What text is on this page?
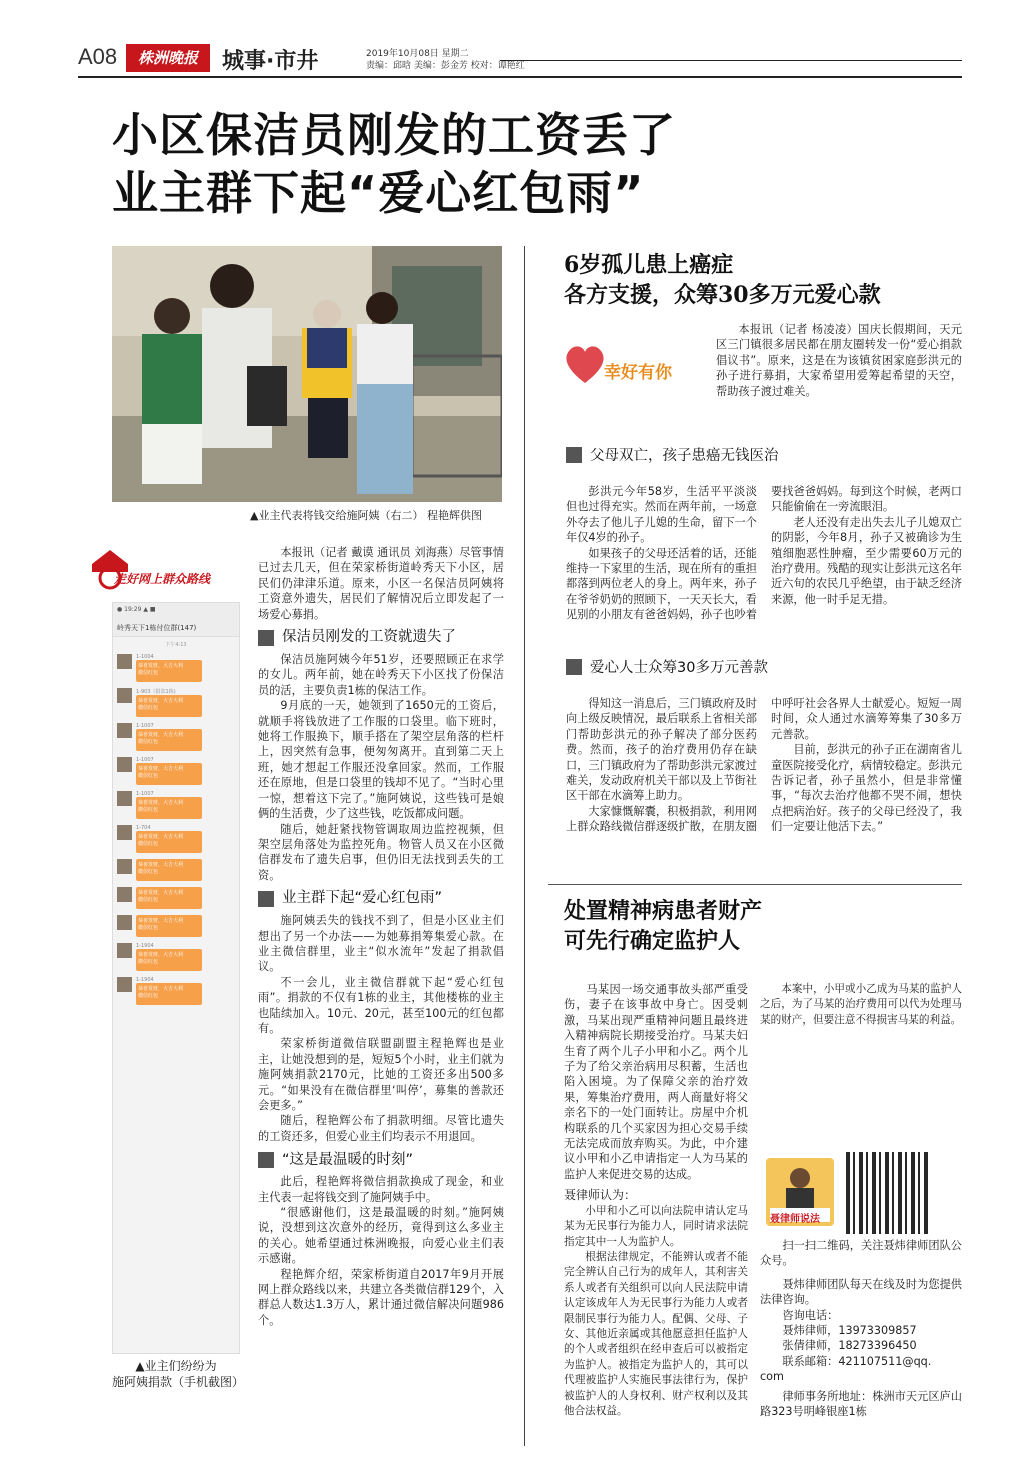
A08	株洲晚报	城事·市井	2019年10月08日 星期二
责编：邱晗 美编：彭金芳 校对：谭艳红
小区保洁员刚发的工资丢了
业主群下起“爱心红包雨”
▲业主代表将钱交给施阿姨（右二） 程艳辉供图
走好网上群众路线
● 19:29 ▲ ■
岭秀天下1栋付位群(147)
下午4:13
1-1004
恭喜发财，大吉大利
微信红包
1-903（捐款1栋)
恭喜发财，大吉大利
微信红包
1-1007
恭喜发财，大吉大利
微信红包
1-1007
恭喜发财，大吉大利
微信红包
1-1007
恭喜发财，大吉大利
微信红包
1-704
恭喜发财，大吉大利
微信红包
恭喜发财，大吉大利
微信红包
恭喜发财，大吉大利
微信红包
恭喜发财，大吉大利
微信红包
1-1904
恭喜发财，大吉大利
微信红包
1-1904
恭喜发财，大吉大利
微信红包
▲业主们纷纷为
施阿姨捐款（手机截图）

本报讯（记者 戴谟 通讯员 刘海燕）尽管事情已过去几天，但在荣家桥街道岭秀天下小区，居民们仍津津乐道。原来，小区一名保洁员阿姨将工资意外遗失，居民们了解情况后立即发起了一场爱心募捐。

保洁员刚发的工资就遗失了

保洁员施阿姨今年51岁，还要照顾正在求学的女儿。两年前，她在岭秀天下小区找了份保洁员的活，主要负责1栋的保洁工作。

9月底的一天，她领到了1650元的工资后，就顺手将钱放进了工作服的口袋里。临下班时，她将工作服换下，顺手搭在了架空层角落的栏杆上，因突然有急事，便匆匆离开。直到第二天上班，她才想起工作服还没拿回家。然而，工作服还在原地，但是口袋里的钱却不见了。“当时心里一惊，想着这下完了。”施阿姨说，这些钱可是娘俩的生活费，少了这些钱，吃饭都成问题。

随后，她赶紧找物管调取周边监控视频，但架空层角落处为监控死角。物管人员又在小区微信群发布了遗失启事，但仍旧无法找到丢失的工资。

业主群下起“爱心红包雨”

施阿姨丢失的钱找不到了，但是小区业主们想出了另一个办法——为她募捐筹集爱心款。在业主微信群里，业主“似水流年”发起了捐款倡议。

不一会儿，业主微信群就下起“爱心红包雨”。捐款的不仅有1栋的业主，其他楼栋的业主也陆续加入。10元、20元，甚至100元的红包都有。

荣家桥街道微信联盟副盟主程艳辉也是业主，让她没想到的是，短短5个小时，业主们就为施阿姨捐款2170元，比她的工资还多出500多元。“如果没有在微信群里‘叫停’，募集的善款还会更多。”

随后，程艳辉公布了捐款明细。尽管比遗失的工资还多，但爱心业主们均表示不用退回。

“这是最温暖的时刻”

此后，程艳辉将微信捐款换成了现金，和业主代表一起将钱交到了施阿姨手中。

“很感谢他们，这是最温暖的时刻。”施阿姨说，没想到这次意外的经历，竟得到这么多业主的关心。她希望通过株洲晚报，向爱心业主们表示感谢。

程艳辉介绍，荣家桥街道自2017年9月开展网上群众路线以来，共建立各类微信群129个，入群总人数达1.3万人，累计通过微信解决问题986个。

6岁孤儿患上癌症
各方支援，众筹30多万元爱心款
幸好有你

本报讯（记者 杨凌凌）国庆长假期间，天元区三门镇很多居民都在朋友圈转发一份“爱心捐款倡议书”。原来，这是在为该镇贫困家庭彭洪元的孙子进行募捐，大家希望用爱筹起希望的天空，帮助孩子渡过难关。

父母双亡，孩子患癌无钱医治

彭洪元今年58岁，生活平平淡淡但也过得充实。然而在两年前，一场意外夺去了他儿子儿媳的生命，留下一个年仅4岁的孙子。

如果孩子的父母还活着的话，还能维持一下家里的生活，现在所有的重担都落到两位老人的身上。两年来，孙子在爷爷奶奶的照顾下，一天天长大，看见别的小朋友有爸爸妈妈，孙子也吵着要找爸爸妈妈。每到这个时候，老两口只能偷偷在一旁流眼泪。

老人还没有走出失去儿子儿媳双亡的阴影，今年8月，孙子又被确诊为生殖细胞恶性肿瘤，至少需要60万元的治疗费用。残酷的现实让彭洪元这名年近六旬的农民几乎绝望，由于缺乏经济来源，他一时手足无措。

爱心人士众筹30多万元善款

得知这一消息后，三门镇政府及时向上级反映情况，最后联系上省相关部门帮助彭洪元的孙子解决了部分医药费。然而，孩子的治疗费用仍存在缺口，三门镇政府为了帮助彭洪元家渡过难关，发动政府机关干部以及上节街社区干部在水滴筹上助力。

大家慷慨解囊，积极捐款，利用网上群众路线微信群逐级扩散，在朋友圈中呼吁社会各界人士献爱心。短短一周时间，众人通过水滴筹筹集了30多万元善款。

目前，彭洪元的孙子正在湖南省儿童医院接受化疗，病情较稳定。彭洪元告诉记者，孙子虽然小，但是非常懂事，“每次去治疗他都不哭不闹，想快点把病治好。孩子的父母已经没了，我们一定要让他活下去。”

处置精神病患者财产
可先行确定监护人

马某因一场交通事故头部严重受伤，妻子在该事故中身亡。因受刺激，马某出现严重精神问题且最终进入精神病院长期接受治疗。马某夫妇生育了两个儿子小甲和小乙。两个儿子为了给父亲治病用尽积蓄，生活也陷入困境。为了保障父亲的治疗效果，筹集治疗费用，两人商量好将父亲名下的一处门面转让。房屋中介机构联系的几个买家因为担心交易手续无法完成而放弃购买。为此，中介建议小甲和小乙申请指定一人为马某的监护人来促进交易的达成。

聂律师认为：

小甲和小乙可以向法院申请认定马某为无民事行为能力人，同时请求法院指定其中一人为监护人。

根据法律规定，不能辨认或者不能完全辨认自己行为的成年人，其利害关系人或者有关组织可以向人民法院申请认定该成年人为无民事行为能力人或者限制民事行为能力人。配偶、父母、子女、其他近亲属或其他愿意担任监护人的个人或者组织在经申查后可以被指定为监护人。被指定为监护人的，其可以代理被监护人实施民事法律行为，保护被监护人的人身权利、财产权利以及其他合法权益。

本案中，小甲或小乙成为马某的监护人之后，为了马某的治疗费用可以代为处理马某的财产，但要注意不得损害马某的利益。

聂律师说法

扫一扫二维码，关注聂炜律师团队公众号。

聂炜律师团队每天在线及时为您提供法律咨询。

咨询电话：
聂炜律师，13973309857
张倩律师，18273396450
联系邮箱：421107511@qq.
com

律师事务所地址：株洲市天元区庐山路323号明峰银座1栋
